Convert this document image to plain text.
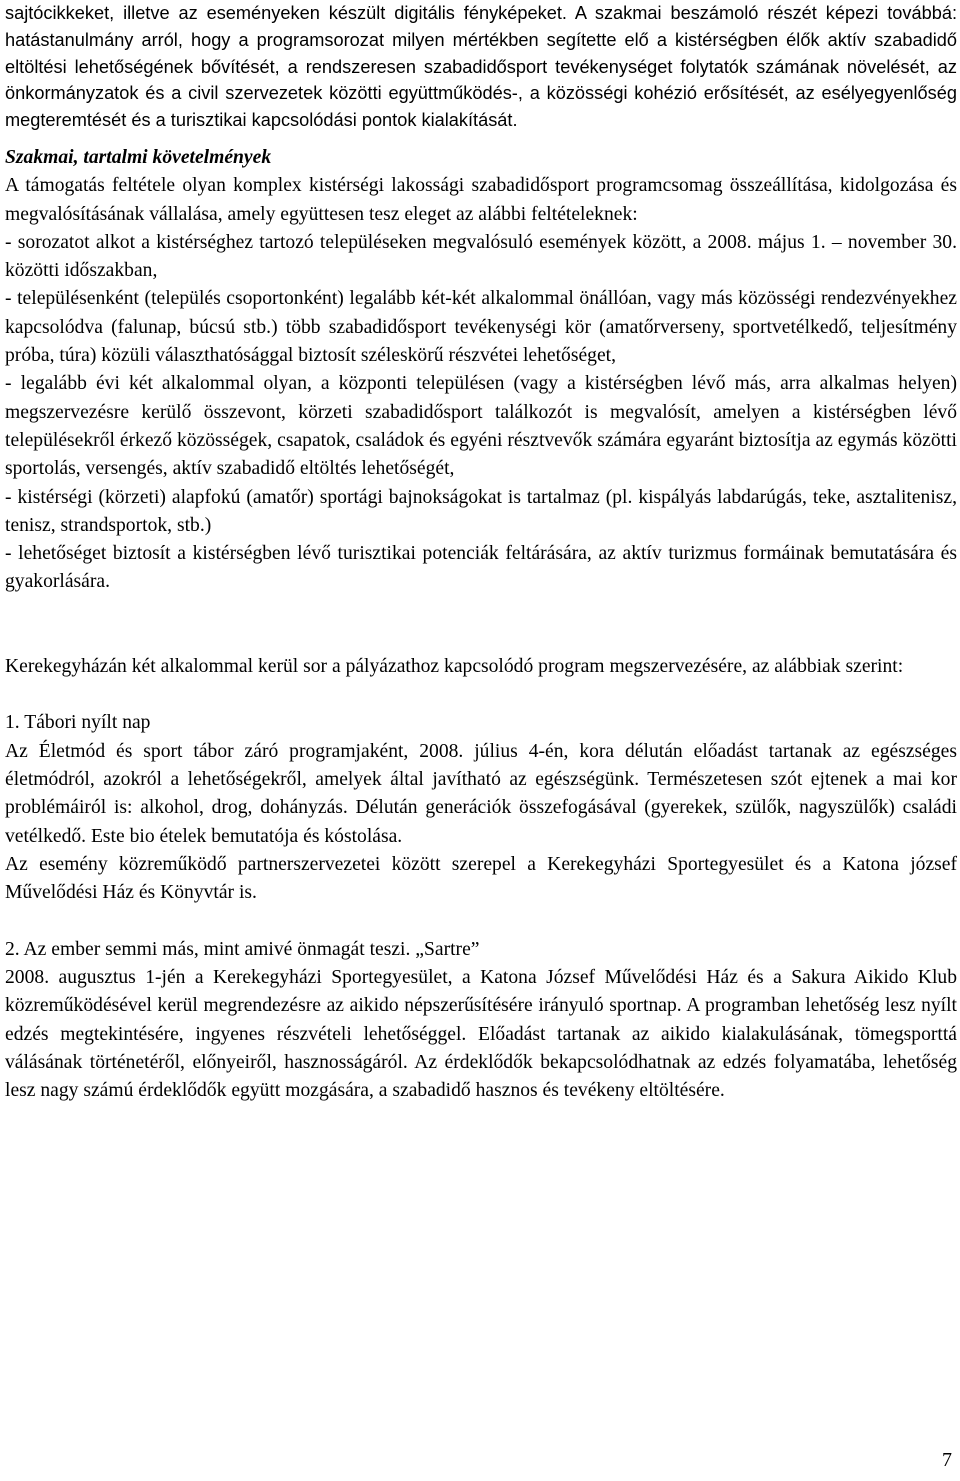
sajtócikkeket, illetve az eseményeken készült digitális fényképeket. A szakmai beszámoló részét képezi továbbá: hatástanulmány arról, hogy a programsorozat milyen mértékben segítette elő a kistérségben élők aktív szabadidő eltöltési lehetőségének bővítését, a rendszeresen szabadidősport tevékenységet folytatók számának növelését, az önkormányzatok és a civil szervezetek közötti együttműködés-, a közösségi kohézió erősítését, az esélyegyenlőség megteremtését és a turisztikai kapcsolódási pontok kialakítását.

Szakmai, tartalmi követelmények

A támogatás feltétele olyan komplex kistérségi lakossági szabadidősport programcsomag összeállítása, kidolgozása és megvalósításának vállalása, amely együttesen tesz eleget az alábbi feltételeknek:

- sorozatot alkot a kistérséghez tartozó településeken megvalósuló események között, a 2008. május 1. – november 30. közötti időszakban,

- településenként (település csoportonként) legalább két-két alkalommal önállóan, vagy más közösségi rendezvényekhez kapcsolódva (falunap, búcsú stb.) több szabadidősport tevékenységi kör (amatőrverseny, sportvetélkedő, teljesítmény próba, túra) közüli választhatósággal biztosít széleskörű részvétei lehetőséget,

- legalább évi két alkalommal olyan, a központi településen (vagy a kistérségben lévő más, arra alkalmas helyen) megszervezésre kerülő összevont, körzeti szabadidősport találkozót is megvalósít, amelyen a kistérségben lévő településekről érkező közösségek, csapatok, családok és egyéni résztvevők számára egyaránt biztosítja az egymás közötti sportolás, versengés, aktív szabadidő eltöltés lehetőségét,

- kistérségi (körzeti) alapfokú (amatőr) sportági bajnokságokat is tartalmaz (pl. kispályás labdarúgás, teke, asztalitenisz, tenisz, strandsportok, stb.)

- lehetőséget biztosít a kistérségben lévő turisztikai potenciák feltárására, az aktív turizmus formáinak bemutatására és gyakorlására.

Kerekegyházán két alkalommal kerül sor a pályázathoz kapcsolódó program megszervezésére, az alábbiak szerint:

1. Tábori nyílt nap

Az Életmód és sport tábor záró programjaként, 2008. július 4-én, kora délután előadást tartanak az egészséges életmódról, azokról a lehetőségekről, amelyek által javítható az egészségünk. Természetesen szót ejtenek a mai kor problémáiról is: alkohol, drog, dohányzás. Délután generációk összefogásával (gyerekek, szülők, nagyszülők) családi vetélkedő. Este bio ételek bemutatója és kóstolása.

Az esemény közreműködő partnerszervezetei között szerepel a Kerekegyházi Sportegyesület és a Katona józsef Művelődési Ház és Könyvtár is.

2. Az ember semmi más, mint amivé önmagát teszi. „Sartre”

2008. augusztus 1-jén a Kerekegyházi Sportegyesület, a Katona József Művelődési Ház és a Sakura Aikido Klub közreműködésével kerül megrendezésre az aikido népszerűsítésére irányuló sportnap. A programban lehetőség lesz nyílt edzés megtekintésére, ingyenes részvételi lehetőséggel. Előadást tartanak az aikido kialakulásának, tömegsporttá válásának történetéről, előnyeiről, hasznosságáról. Az érdeklődők bekapcsolódhatnak az edzés folyamatába, lehetőség lesz nagy számú érdeklődők együtt mozgására, a szabadidő hasznos és tevékeny eltöltésére.

7
